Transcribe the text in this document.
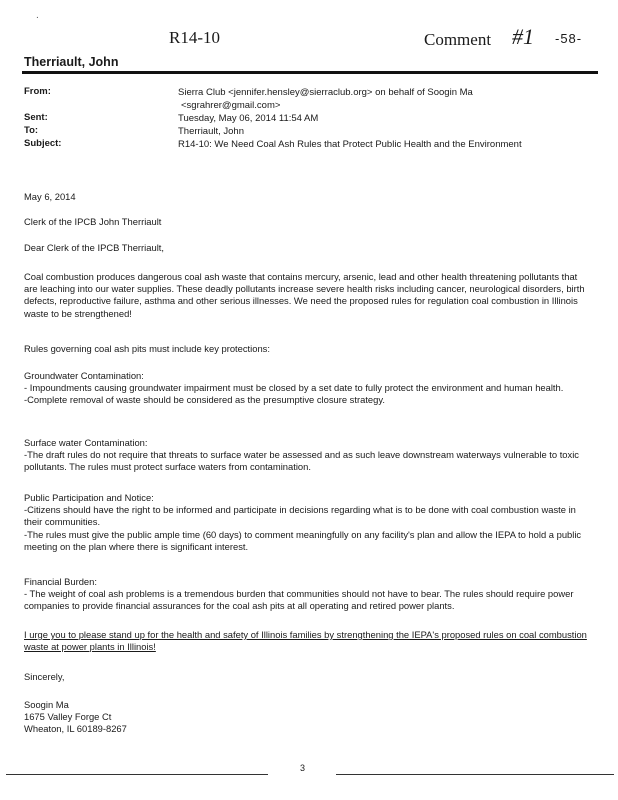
.
R14-10	Comment #1 -58-
Therriault, John
From:	Sierra Club <jennifer.hensley@sierraclub.org> on behalf of Soogin Ma
<sgrahrer@gmail.com>
Sent:	Tuesday, May 06, 2014 11:54 AM
To:	Therriault, John
Subject:	R14-10: We Need Coal Ash Rules that Protect Public Health and the Environment
May 6, 2014
Clerk of the IPCB John Therriault
Dear Clerk of the IPCB Therriault,

Coal combustion produces dangerous coal ash waste that contains mercury, arsenic, lead and other health threatening pollutants that are leaching into our water supplies. These deadly pollutants increase severe health risks including cancer, neurological disorders, birth defects, reproductive failure, asthma and other serious illnesses. We need the proposed rules for regulation coal combustion in Illinois waste to be strengthened!

Rules governing coal ash pits must include key protections:
Groundwater Contamination:
- Impoundments causing groundwater impairment must be closed by a set date to fully protect the environment and human health.
-Complete removal of waste should be considered as the presumptive closure strategy.
Surface water Contamination:
-The draft rules do not require that threats to surface water be assessed and as such leave downstream waterways vulnerable to toxic pollutants. The rules must protect surface waters from contamination.
Public Participation and Notice:
-Citizens should have the right to be informed and participate in decisions regarding what is to be done with coal combustion waste in their communities.
-The rules must give the public ample time (60 days) to comment meaningfully on any facility's plan and allow the IEPA to hold a public meeting on the plan where there is significant interest.
Financial Burden:
- The weight of coal ash problems is a tremendous burden that communities should not have to bear. The rules should require power companies to provide financial assurances for the coal ash pits at all operating and retired power plants.
I urge you to please stand up for the health and safety of Illinois families by strengthening the IEPA's proposed rules on coal combustion waste at power plants in Illinois!
Sincerely,
Soogin Ma
1675 Valley Forge Ct
Wheaton, IL 60189-8267
3
